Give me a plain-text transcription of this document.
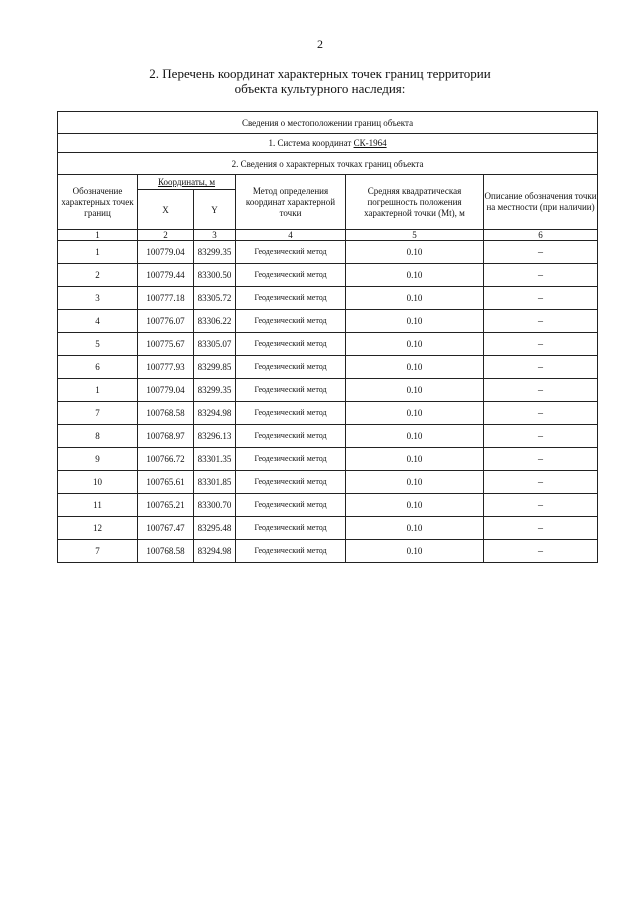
2
2. Перечень координат характерных точек границ территории
объекта культурного наследия:
Сведения о местоположении границ объекта					
1. Система координат СК-1964					
2. Сведения о характерных точках границ объекта					
Обозначение характерных точек границ	Координаты, м		Метод определения координат характерной точки	Средняя квадратическая погрешность положения характерной точки (Mt), м	Описание обозначения точки на местности (при наличии)
	X	Y			
1	2	3	4	5	6
1	100779.04	83299.35	Геодезический метод	0.10	–
2	100779.44	83300.50	Геодезический метод	0.10	–
3	100777.18	83305.72	Геодезический метод	0.10	–
4	100776.07	83306.22	Геодезический метод	0.10	–
5	100775.67	83305.07	Геодезический метод	0.10	–
6	100777.93	83299.85	Геодезический метод	0.10	–
1	100779.04	83299.35	Геодезический метод	0.10	–
7	100768.58	83294.98	Геодезический метод	0.10	–
8	100768.97	83296.13	Геодезический метод	0.10	–
9	100766.72	83301.35	Геодезический метод	0.10	–
10	100765.61	83301.85	Геодезический метод	0.10	–
11	100765.21	83300.70	Геодезический метод	0.10	–
12	100767.47	83295.48	Геодезический метод	0.10	–
7	100768.58	83294.98	Геодезический метод	0.10	–
